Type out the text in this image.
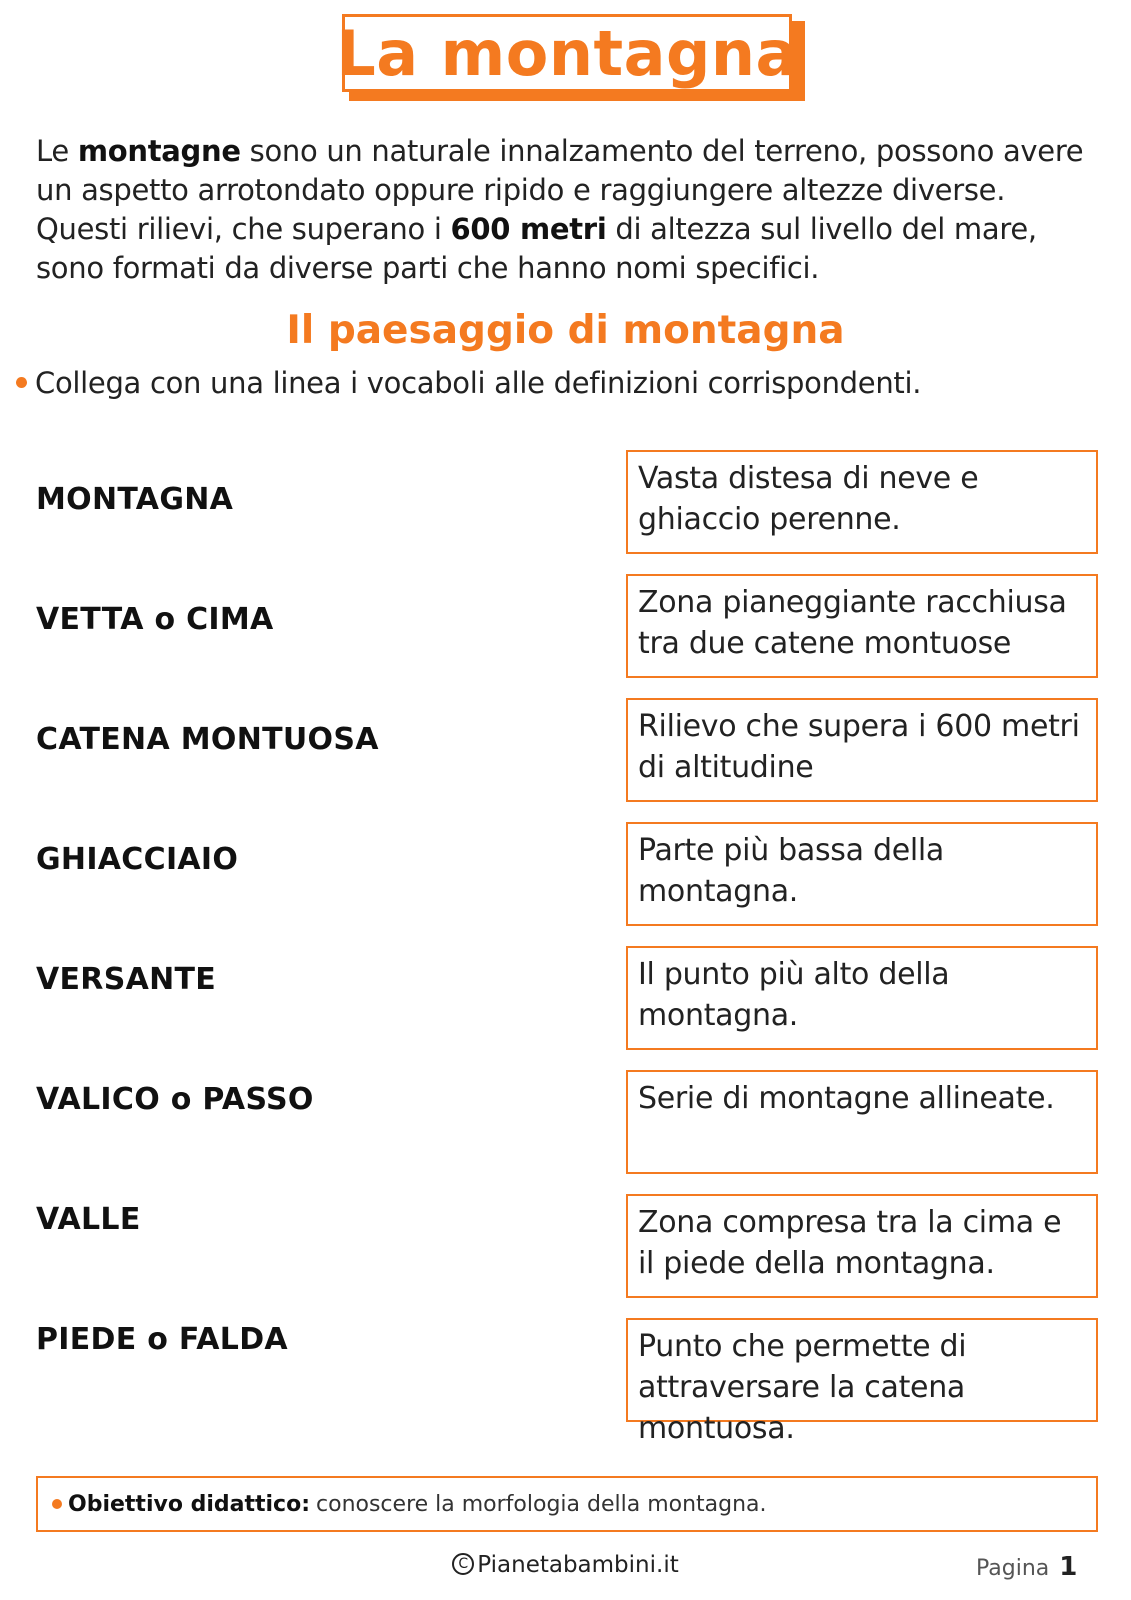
La montagna
Le montagne sono un naturale innalzamento del terreno, possono avere un aspetto arrotondato oppure ripido e raggiungere altezze diverse. Questi rilievi, che superano i 600 metri di altezza sul livello del mare, sono formati da diverse parti che hanno nomi specifici.
Il paesaggio di montagna
Collega con una linea i vocaboli alle definizioni corrispondenti.
MONTAGNA
VETTA o CIMA
CATENA MONTUOSA
GHIACCIAIO
VERSANTE
VALICO o PASSO
VALLE
PIEDE o FALDA
Vasta distesa di neve e ghiaccio perenne.
Zona pianeggiante racchiusa tra due catene montuose
Rilievo che supera i 600 metri di altitudine
Parte più bassa della montagna.
Il punto più alto della montagna.
Serie di montagne allineate.
Zona compresa tra la cima e il piede della montagna.
Punto che permette di attraversare la catena montuosa.
Obiettivo didattico: conoscere la morfologia della montagna.
C Pianetabambini.it	Pagina 1
